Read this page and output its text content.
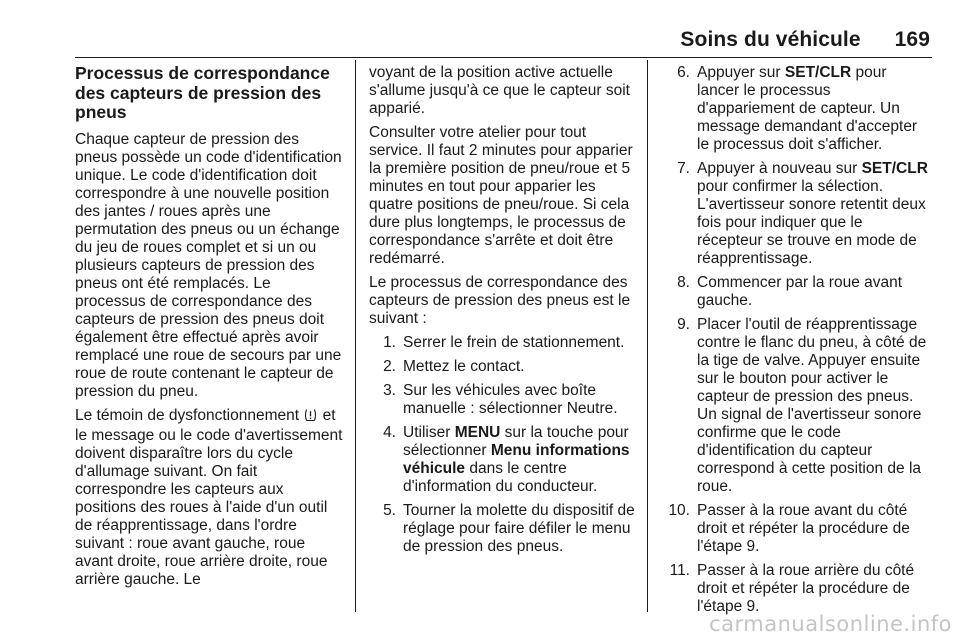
Soins du véhicule 169
Processus de correspondance des capteurs de pression des pneus

Chaque capteur de pression des pneus possède un code d'identification unique. Le code d'identification doit correspondre à une nouvelle position des jantes / roues après une permutation des pneus ou un échange du jeu de roues complet et si un ou plusieurs capteurs de pression des pneus ont été remplacés. Le processus de correspondance des capteurs de pression des pneus doit également être effectué après avoir remplacé une roue de secours par une roue de route contenant le capteur de pression du pneu.

Le témoin de dysfonctionnement et le message ou le code d'avertissement doivent disparaître lors du cycle d'allumage suivant. On fait correspondre les capteurs aux positions des roues à l'aide d'un outil de réapprentissage, dans l'ordre suivant : roue avant gauche, roue avant droite, roue arrière droite, roue arrière gauche. Le

voyant de la position active actuelle s'allume jusqu'à ce que le capteur soit apparié.

Consulter votre atelier pour tout service. Il faut 2 minutes pour apparier la première position de pneu/roue et 5 minutes en tout pour apparier les quatre positions de pneu/roue. Si cela dure plus longtemps, le processus de correspondance s'arrête et doit être redémarré.

Le processus de correspondance des capteurs de pression des pneus est le suivant :

1. Serrer le frein de stationnement.
2. Mettez le contact.
3. Sur les véhicules avec boîte manuelle : sélectionner Neutre.
4. Utiliser MENU sur la touche pour sélectionner Menu informations véhicule dans le centre d'information du conducteur.
5. Tourner la molette du dispositif de réglage pour faire défiler le menu de pression des pneus.
6. Appuyer sur SET/CLR pour lancer le processus d'appariement de capteur. Un message demandant d'accepter le processus doit s'afficher.
7. Appuyer à nouveau sur SET/CLR pour confirmer la sélection. L'avertisseur sonore retentit deux fois pour indiquer que le récepteur se trouve en mode de réapprentissage.
8. Commencer par la roue avant gauche.
9. Placer l'outil de réapprentissage contre le flanc du pneu, à côté de la tige de valve. Appuyer ensuite sur le bouton pour activer le capteur de pression des pneus. Un signal de l'avertisseur sonore confirme que le code d'identification du capteur correspond à cette position de la roue.
10. Passer à la roue avant du côté droit et répéter la procédure de l'étape 9.
11. Passer à la roue arrière du côté droit et répéter la procédure de l'étape 9.
carmanualsonline.info
